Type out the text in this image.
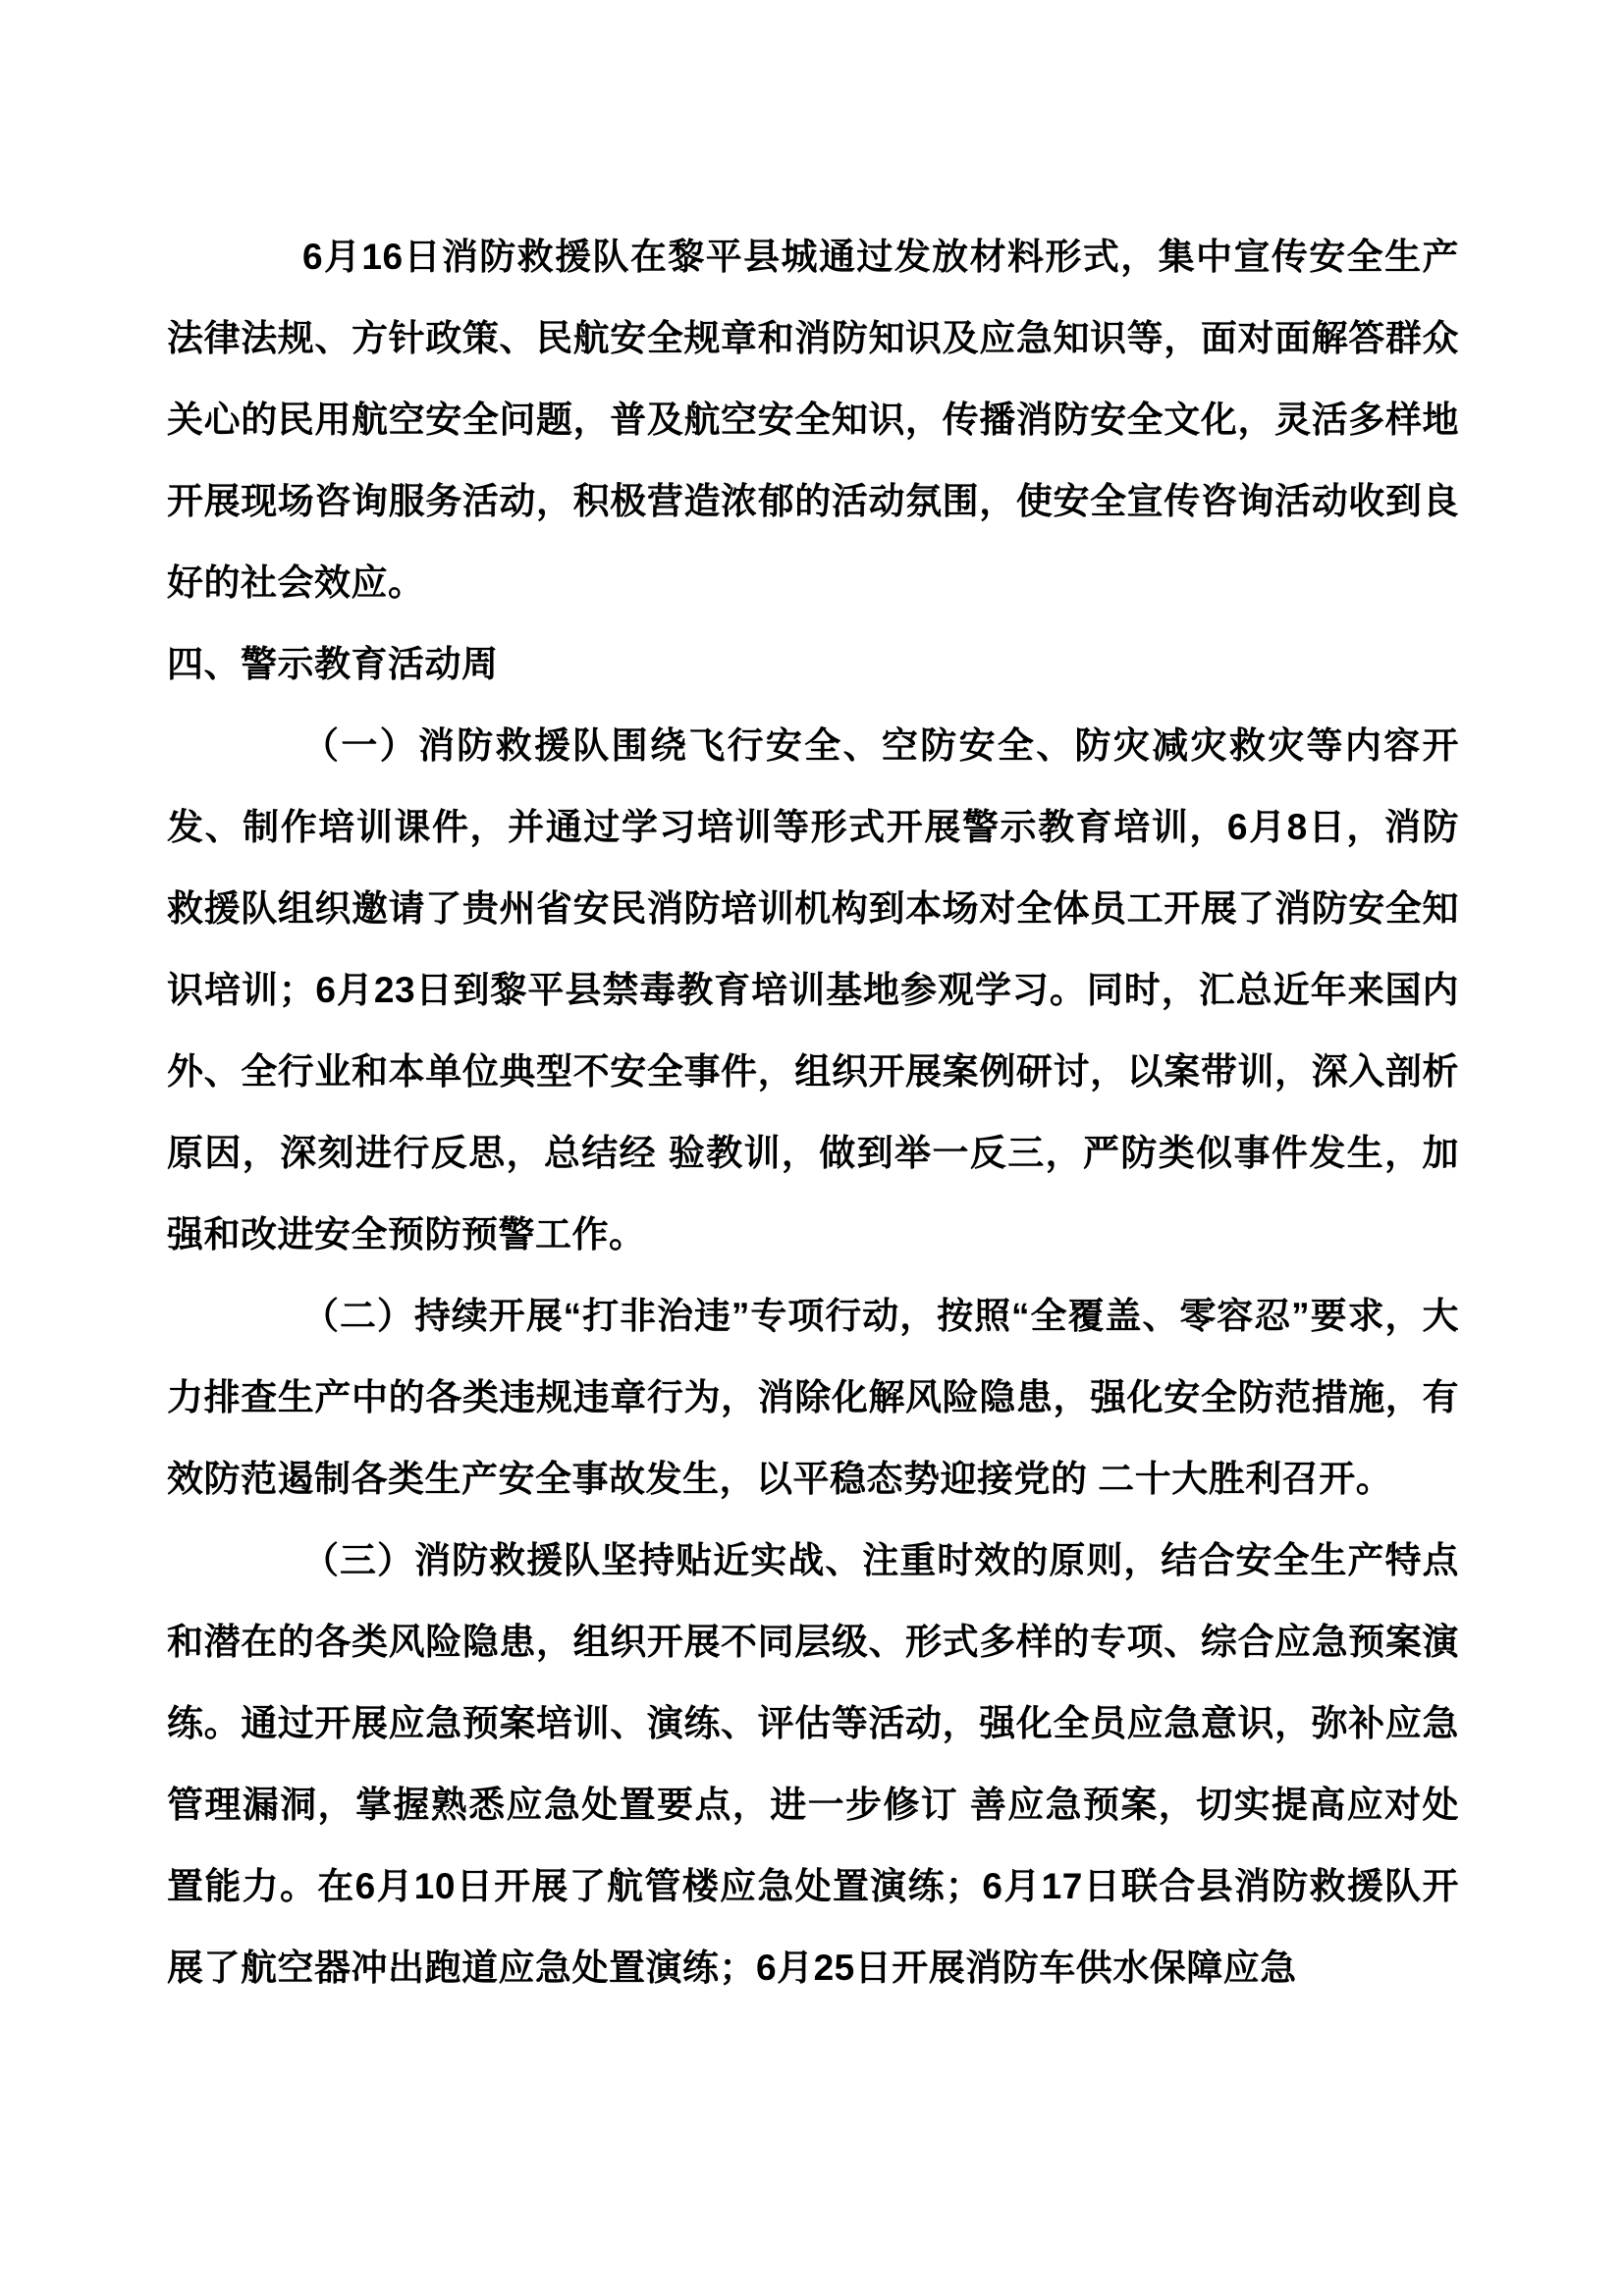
6月16日消防救援队在黎平县城通过发放材料形式，集中宣传安全生产法律法规、方针政策、民航安全规章和消防知识及应急知识等，面对面解答群众关心的民用航空安全问题，普及航空安全知识，传播消防安全文化，灵活多样地开展现场咨询服务活动，积极营造浓郁的活动氛围，使安全宣传咨询活动收到良好的社会效应。

四、警示教育活动周

（一）消防救援队围绕飞行安全、空防安全、防灾减灾救灾等内容开发、制作培训课件，并通过学习培训等形式开展警示教育培训，6月8日，消防救援队组织邀请了贵州省安民消防培训机构到本场对全体员工开展了消防安全知识培训；6月23日到黎平县禁毒教育培训基地参观学习。同时，汇总近年来国内外、全行业和本单位典型不安全事件，组织开展案例研讨，以案带训，深入剖析原因，深刻进行反思，总结经 验教训，做到举一反三，严防类似事件发生，加强和改进安全预防预警工作。

（二）持续开展“打非治违”专项行动，按照“全覆盖、零容忍”要求，大力排查生产中的各类违规违章行为，消除化解风险隐患，强化安全防范措施，有效防范遏制各类生产安全事故发生，以平稳态势迎接党的 二十大胜利召开。

（三）消防救援队坚持贴近实战、注重时效的原则，结合安全生产特点和潜在的各类风险隐患，组织开展不同层级、形式多样的专项、综合应急预案演练。通过开展应急预案培训、演练、评估等活动，强化全员应急意识，弥补应急管理漏洞，掌握熟悉应急处置要点，进一步修订 善应急预案，切实提高应对处置能力。在6月10日开展了航管楼应急处置演练；6月17日联合县消防救援队开展了航空器冲出跑道应急处置演练；6月25日开展消防车供水保障应急
